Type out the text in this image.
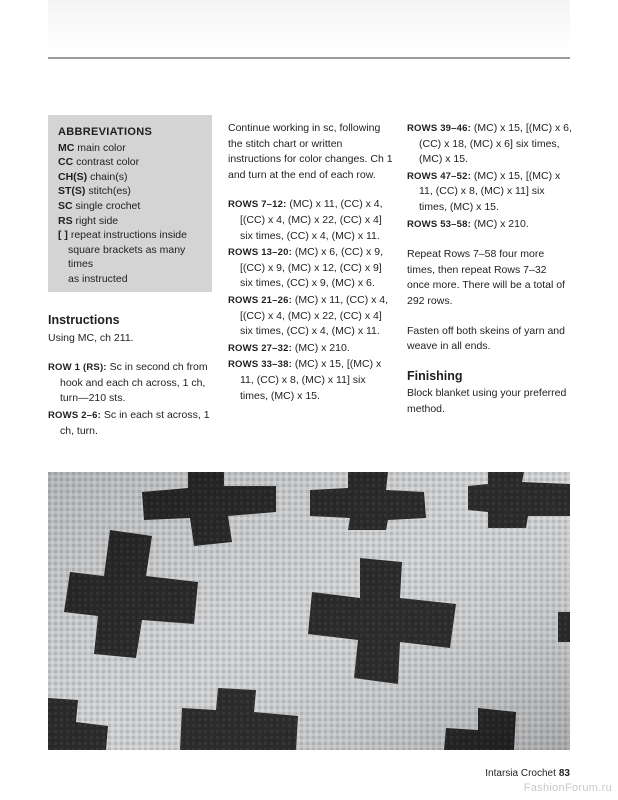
ABBREVIATIONS
MC main color
CC contrast color
CH(S) chain(s)
ST(S) stitch(es)
SC single crochet
RS right side
[ ] repeat instructions inside
square brackets as many times
as instructed
Instructions
Using MC, ch 211.
ROW 1 (RS): Sc in second ch from hook and each ch across, 1 ch, turn—210 sts.
ROWS 2–6: Sc in each st across, 1 ch, turn.
Continue working in sc, following the stitch chart or written instructions for color changes. Ch 1 and turn at the end of each row.
ROWS 7–12: (MC) x 11, (CC) x 4, [(CC) x 4, (MC) x 22, (CC) x 4] six times, (CC) x 4, (MC) x 11.
ROWS 13–20: (MC) x 6, (CC) x 9, [(CC) x 9, (MC) x 12, (CC) x 9] six times, (CC) x 9, (MC) x 6.
ROWS 21–26: (MC) x 11, (CC) x 4, [(CC) x 4, (MC) x 22, (CC) x 4] six times, (CC) x 4, (MC) x 11.
ROWS 27–32: (MC) x 210.
ROWS 33–38: (MC) x 15, [(MC) x 11, (CC) x 8, (MC) x 11] six times, (MC) x 15.
ROWS 39–46: (MC) x 15, [(MC) x 6, (CC) x 18, (MC) x 6] six times, (MC) x 15.
ROWS 47–52: (MC) x 15, [(MC) x 11, (CC) x 8, (MC) x 11] six times, (MC) x 15.
ROWS 53–58: (MC) x 210.
Repeat Rows 7–58 four more times, then repeat Rows 7–32 once more. There will be a total of 292 rows.
Fasten off both skeins of yarn and weave in all ends.
Finishing
Block blanket using your preferred method.
Intarsia Crochet 83
FashionForum.ru
